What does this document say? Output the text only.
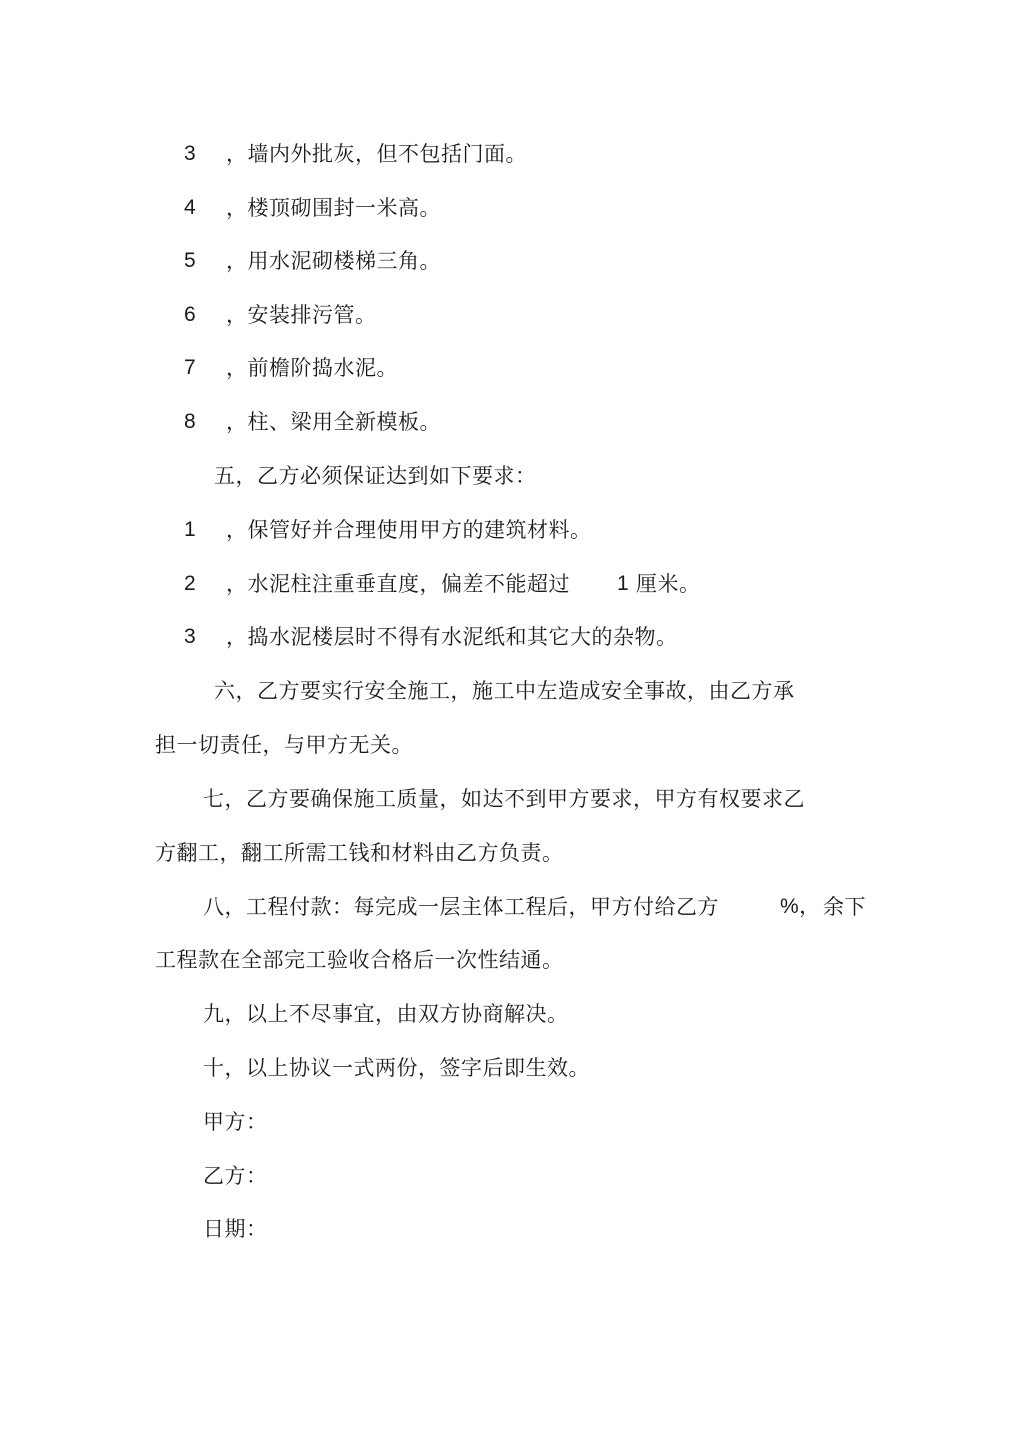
3 ，墙内外批灰，但不包括门面。
4 ，楼顶砌围封一米高。
5 ，用水泥砌楼梯三角。
6 ，安装排污管。
7 ，前檐阶捣水泥。
8 ，柱、梁用全新模板。
五，乙方必须保证达到如下要求：
1 ，保管好并合理使用甲方的建筑材料。
2 ，水泥柱注重垂直度，偏差不能超过 1 厘米。
3 ，捣水泥楼层时不得有水泥纸和其它大的杂物。
六，乙方要实行安全施工，施工中左造成安全事故，由乙方承
担一切责任，与甲方无关。
七，乙方要确保施工质量，如达不到甲方要求，甲方有权要求乙
方翻工，翻工所需工钱和材料由乙方负责。
八，工程付款：每完成一层主体工程后，甲方付给乙方	%， 余下
工程款在全部完工验收合格后一次性结通。
九，以上不尽事宜，由双方协商解决。
十，以上协议一式两份，签字后即生效。
甲方：
乙方：
日期：
